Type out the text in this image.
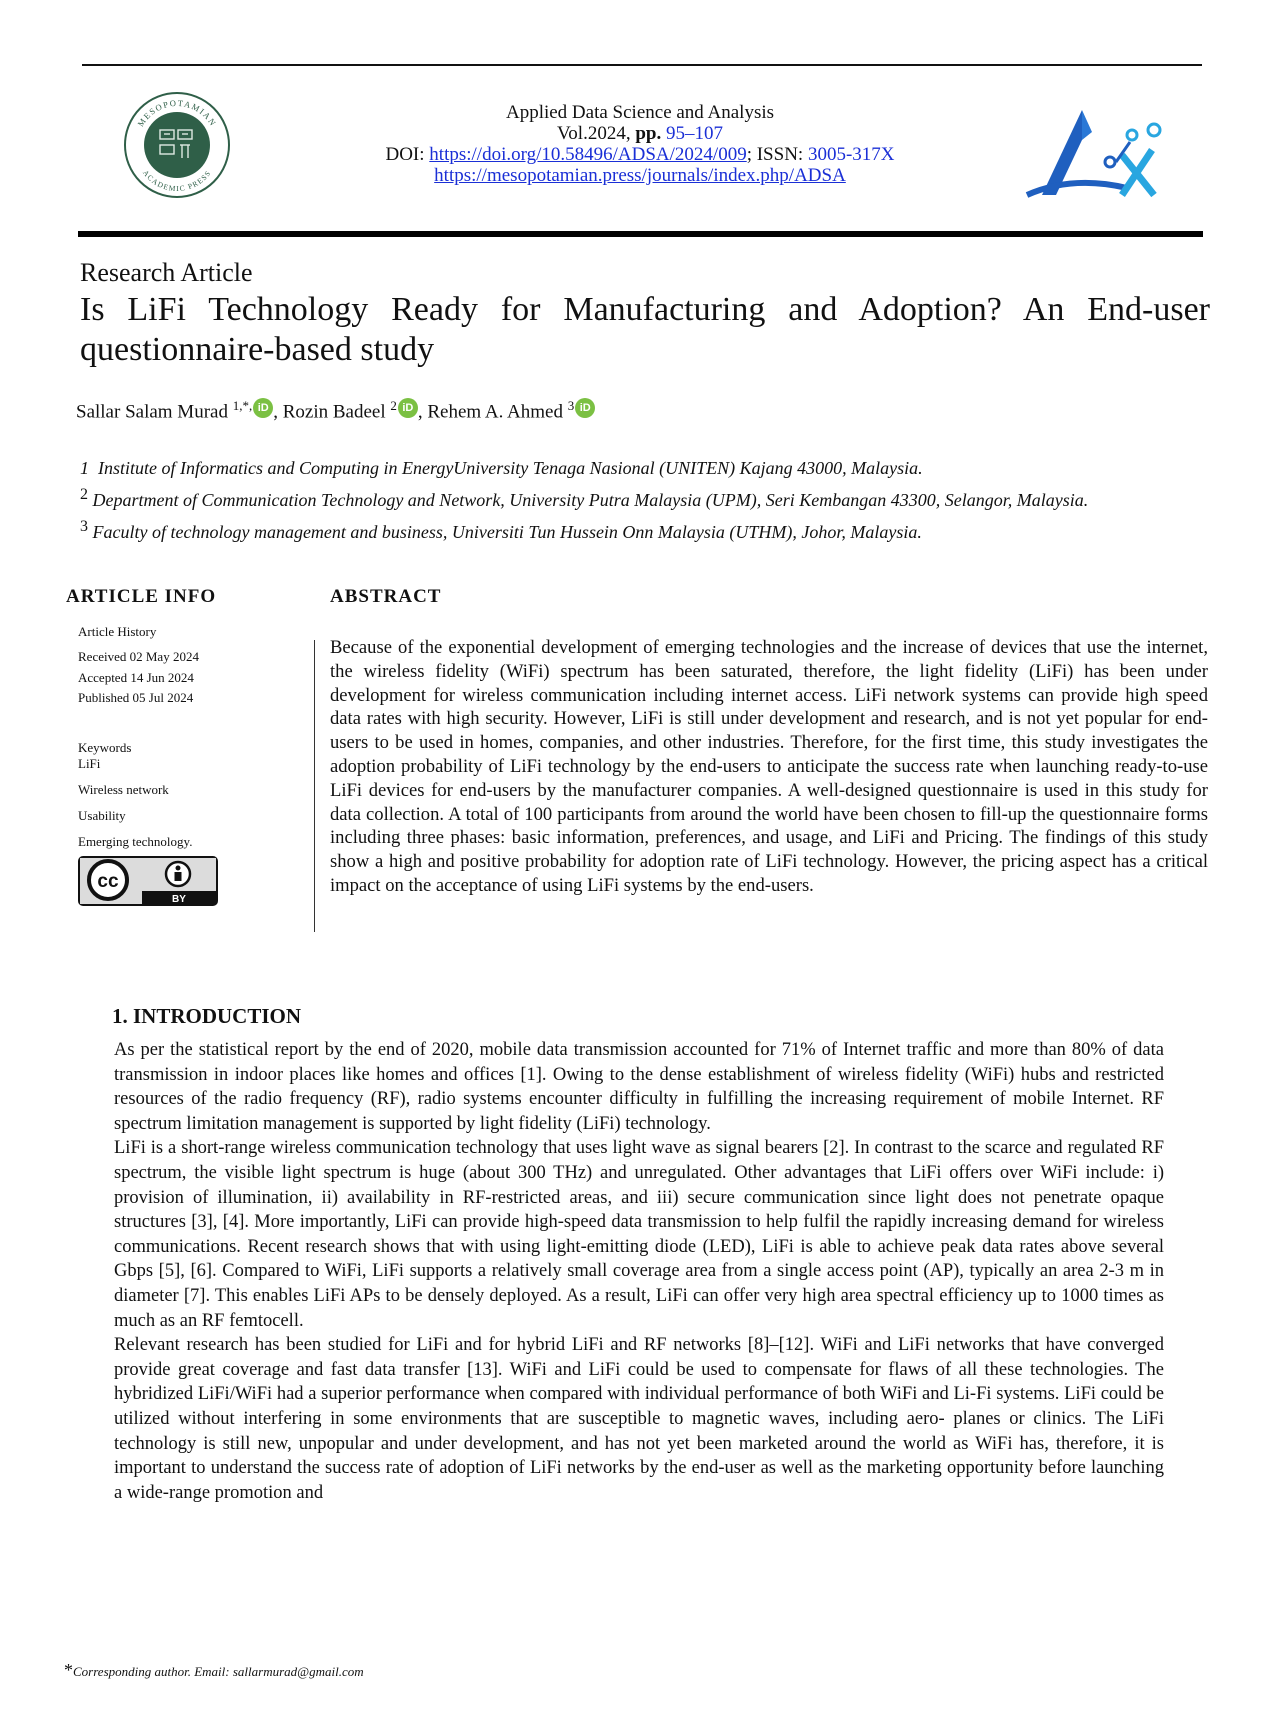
MESOPOTAMIAN
ACADEMIC PRESS
Applied Data Science and Analysis
Vol.2024, pp. 95–107
DOI: https://doi.org/10.58496/ADSA/2024/009; ISSN: 3005-317X
https://mesopotamian.press/journals/index.php/ADSA
Research Article
Is LiFi Technology Ready for Manufacturing and Adoption? An End-user questionnaire-based study
Sallar Salam Murad $^{1,*,}$ iD , Rozin Badeel $^2$ iD , Rehem A. Ahmed $^3$ iD
1 Institute of Informatics and Computing in EnergyUniversity Tenaga Nasional (UNITEN) Kajang 43000, Malaysia.
$^2$ Department of Communication Technology and Network, University Putra Malaysia (UPM), Seri Kembangan 43300, Selangor, Malaysia.
$^3$ Faculty of technology management and business, Universiti Tun Hussein Onn Malaysia (UTHM), Johor, Malaysia.
ARTICLE INFO
Article History
Received 02 May 2024
Accepted 14 Jun 2024
Published 05 Jul 2024
Keywords
LiFi
Wireless network
Usability
Emerging technology.
cc
BY
ABSTRACT
Because of the exponential development of emerging technologies and the increase of devices that use the internet, the wireless fidelity (WiFi) spectrum has been saturated, therefore, the light fidelity (LiFi) has been under development for wireless communication including internet access. LiFi network systems can provide high speed data rates with high security. However, LiFi is still under development and research, and is not yet popular for end-users to be used in homes, companies, and other industries. Therefore, for the first time, this study investigates the adoption probability of LiFi technology by the end-users to anticipate the success rate when launching ready-to-use LiFi devices for end-users by the manufacturer companies. A well-designed questionnaire is used in this study for data collection. A total of 100 participants from around the world have been chosen to fill-up the questionnaire forms including three phases: basic information, preferences, and usage, and LiFi and Pricing. The findings of this study show a high and positive probability for adoption rate of LiFi technology. However, the pricing aspect has a critical impact on the acceptance of using LiFi systems by the end-users.
1. INTRODUCTION

As per the statistical report by the end of 2020, mobile data transmission accounted for 71% of Internet traffic and more than 80% of data transmission in indoor places like homes and offices [1]. Owing to the dense establishment of wireless fidelity (WiFi) hubs and restricted resources of the radio frequency (RF), radio systems encounter difficulty in fulfilling the increasing requirement of mobile Internet. RF spectrum limitation management is supported by light fidelity (LiFi) technology.

LiFi is a short-range wireless communication technology that uses light wave as signal bearers [2]. In contrast to the scarce and regulated RF spectrum, the visible light spectrum is huge (about 300 THz) and unregulated. Other advantages that LiFi offers over WiFi include: i) provision of illumination, ii) availability in RF-restricted areas, and iii) secure communication since light does not penetrate opaque structures [3], [4]. More importantly, LiFi can provide high-speed data transmission to help fulfil the rapidly increasing demand for wireless communications. Recent research shows that with using light-emitting diode (LED), LiFi is able to achieve peak data rates above several Gbps [5], [6]. Compared to WiFi, LiFi supports a relatively small coverage area from a single access point (AP), typically an area 2-3 m in diameter [7]. This enables LiFi APs to be densely deployed. As a result, LiFi can offer very high area spectral efficiency up to 1000 times as much as an RF femtocell.

Relevant research has been studied for LiFi and for hybrid LiFi and RF networks [8]–[12]. WiFi and LiFi networks that have converged provide great coverage and fast data transfer [13]. WiFi and LiFi could be used to compensate for flaws of all these technologies. The hybridized LiFi/WiFi had a superior performance when compared with individual performance of both WiFi and Li-Fi systems. LiFi could be utilized without interfering in some environments that are susceptible to magnetic waves, including aero- planes or clinics. The LiFi technology is still new, unpopular and under development, and has not yet been marketed around the world as WiFi has, therefore, it is important to understand the success rate of adoption of LiFi networks by the end-user as well as the marketing opportunity before launching a wide-range promotion and

*Corresponding author. Email: sallarmurad@gmail.com
